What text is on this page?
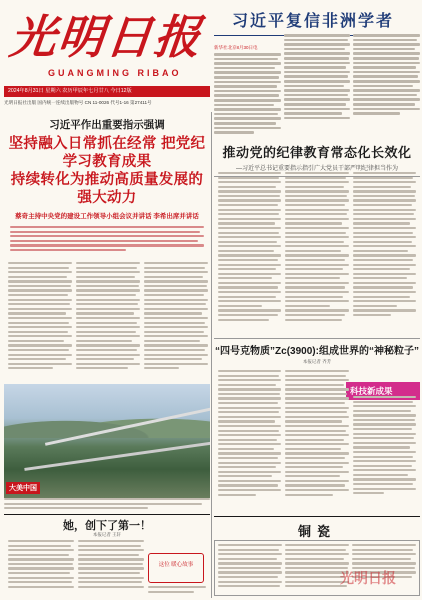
光明日报
GUANGMING RIBAO
2024年8月31日 星期六 农历甲辰年七月廿八 今日12版
光明日报社出版 国内统一连续出版物号 CN 11-0026 代号1-16 第27411号
习近平复信非洲学者
新华社北京8月30日电
习近平作出重要指示强调
坚持融入日常抓在经常 把党纪学习教育成果
持续转化为推动高质量发展的强大动力
蔡奇主持中央党的建设工作领导小组会议并讲话 李希出席并讲话
推动党的纪律教育常态化长效化
—习近平总书记重要指示指引广大党员干部严明纪律担当作为
“四号克物质”Zc(3900):组成世界的“神秘粒子”
本报记者 齐芳
科技新成果
大美中国
她，创下了第一！
本报记者 王轩
这位 暖心故事
铜瓷
光明日报
